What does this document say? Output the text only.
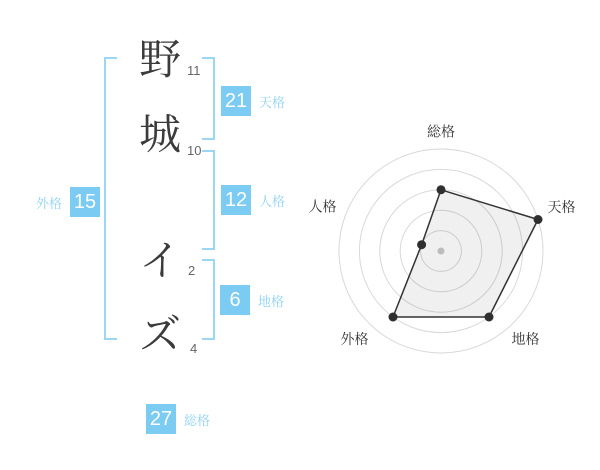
野
城
イ
ズ
11
10
2
4
21 天格
12 人格
6	地格
外格 15
27 総格
総格
天格
地格
外格
人格
